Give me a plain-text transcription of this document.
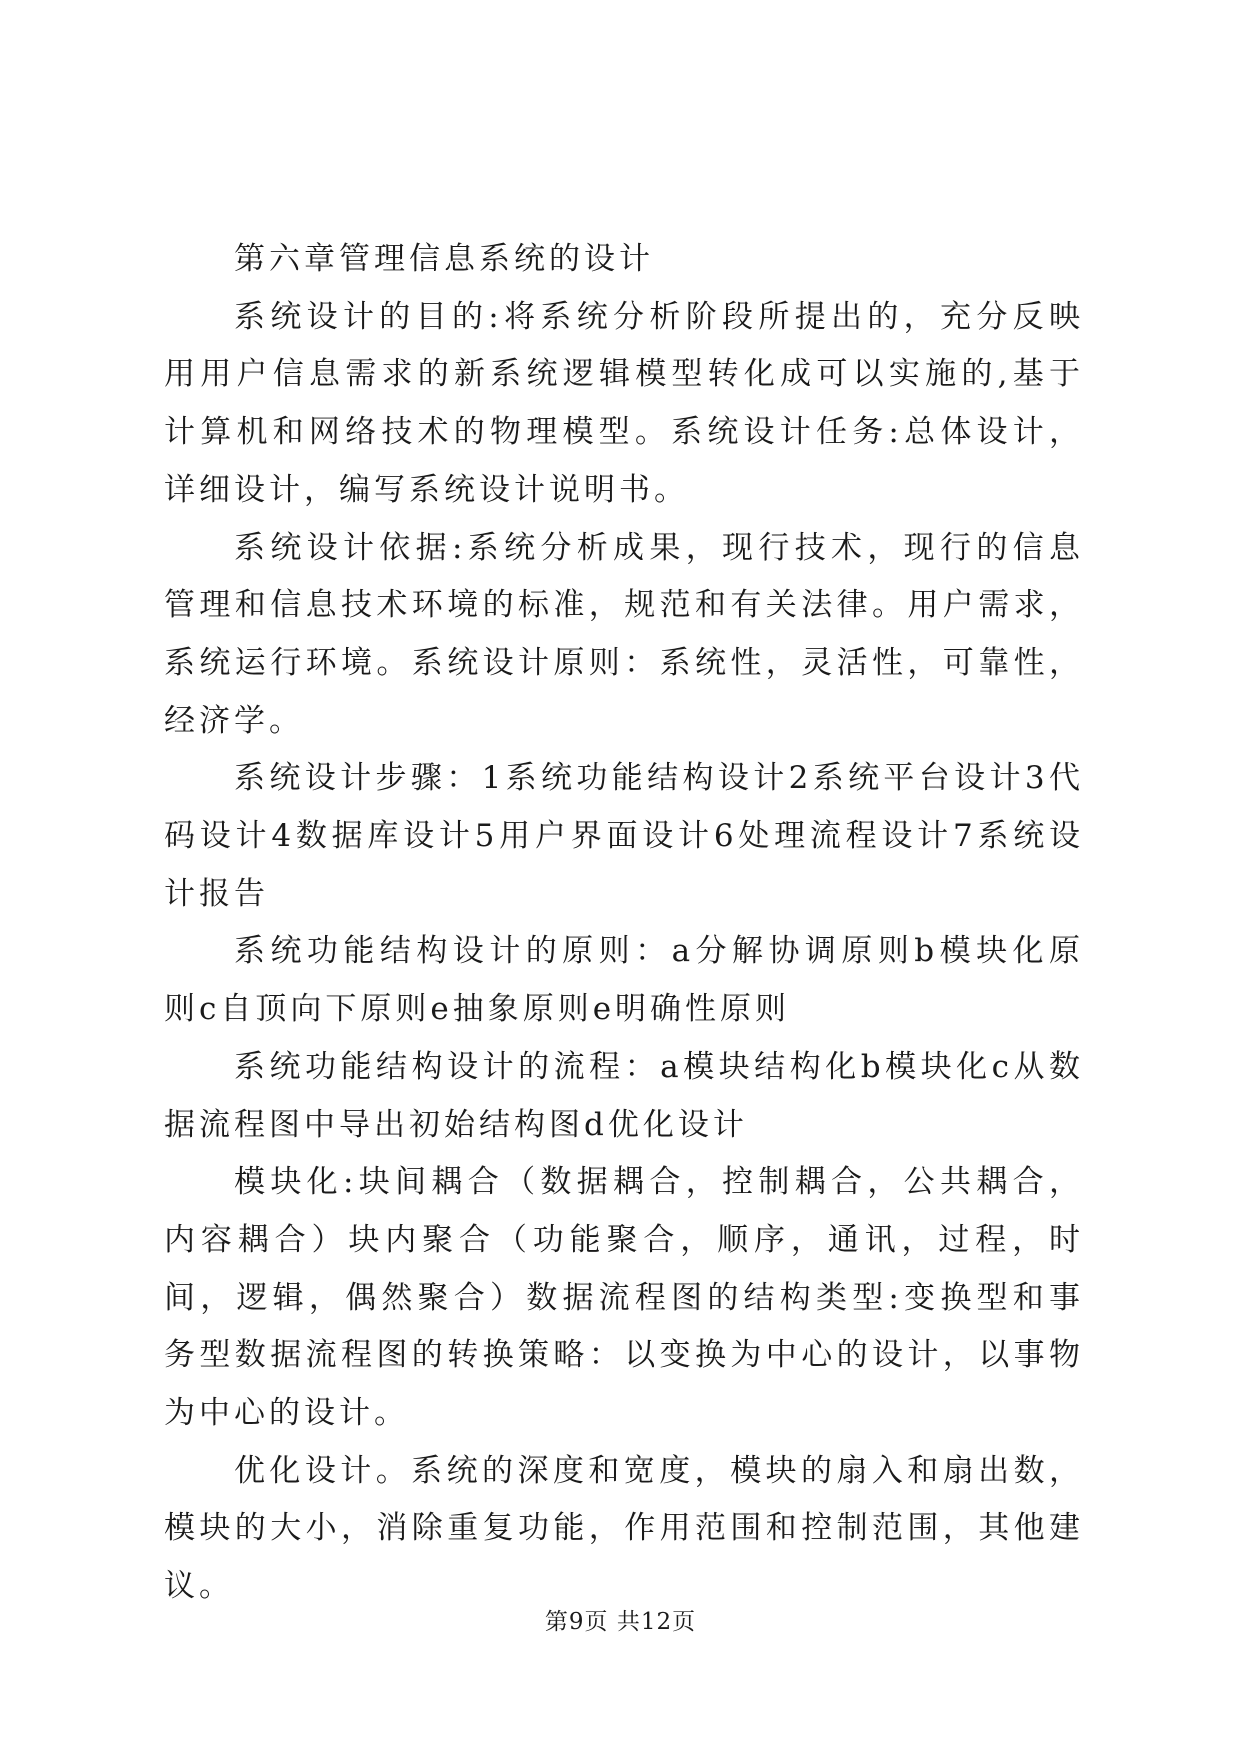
第六章管理信息系统的设计

系统设计的目的:将系统分析阶段所提出的，充分反映用用户信息需求的新系统逻辑模型转化成可以实施的,基于计算机和网络技术的物理模型。系统设计任务:总体设计，详细设计，编写系统设计说明书。

系统设计依据:系统分析成果，现行技术，现行的信息管理和信息技术环境的标准，规范和有关法律。用户需求，系统运行环境。系统设计原则：系统性，灵活性，可靠性，经济学。

系统设计步骤：1系统功能结构设计2系统平台设计3代码设计4数据库设计5用户界面设计6处理流程设计7系统设计报告

系统功能结构设计的原则：a分解协调原则b模块化原则c自顶向下原则e抽象原则e明确性原则

系统功能结构设计的流程：a模块结构化b模块化c从数据流程图中导出初始结构图d优化设计

模块化:块间耦合（数据耦合，控制耦合，公共耦合，内容耦合）块内聚合（功能聚合，顺序，通讯，过程，时间，逻辑，偶然聚合）数据流程图的结构类型:变换型和事务型数据流程图的转换策略：以变换为中心的设计，以事物为中心的设计。

优化设计。系统的深度和宽度，模块的扇入和扇出数，模块的大小，消除重复功能，作用范围和控制范围，其他建议。

第9页 共12页
